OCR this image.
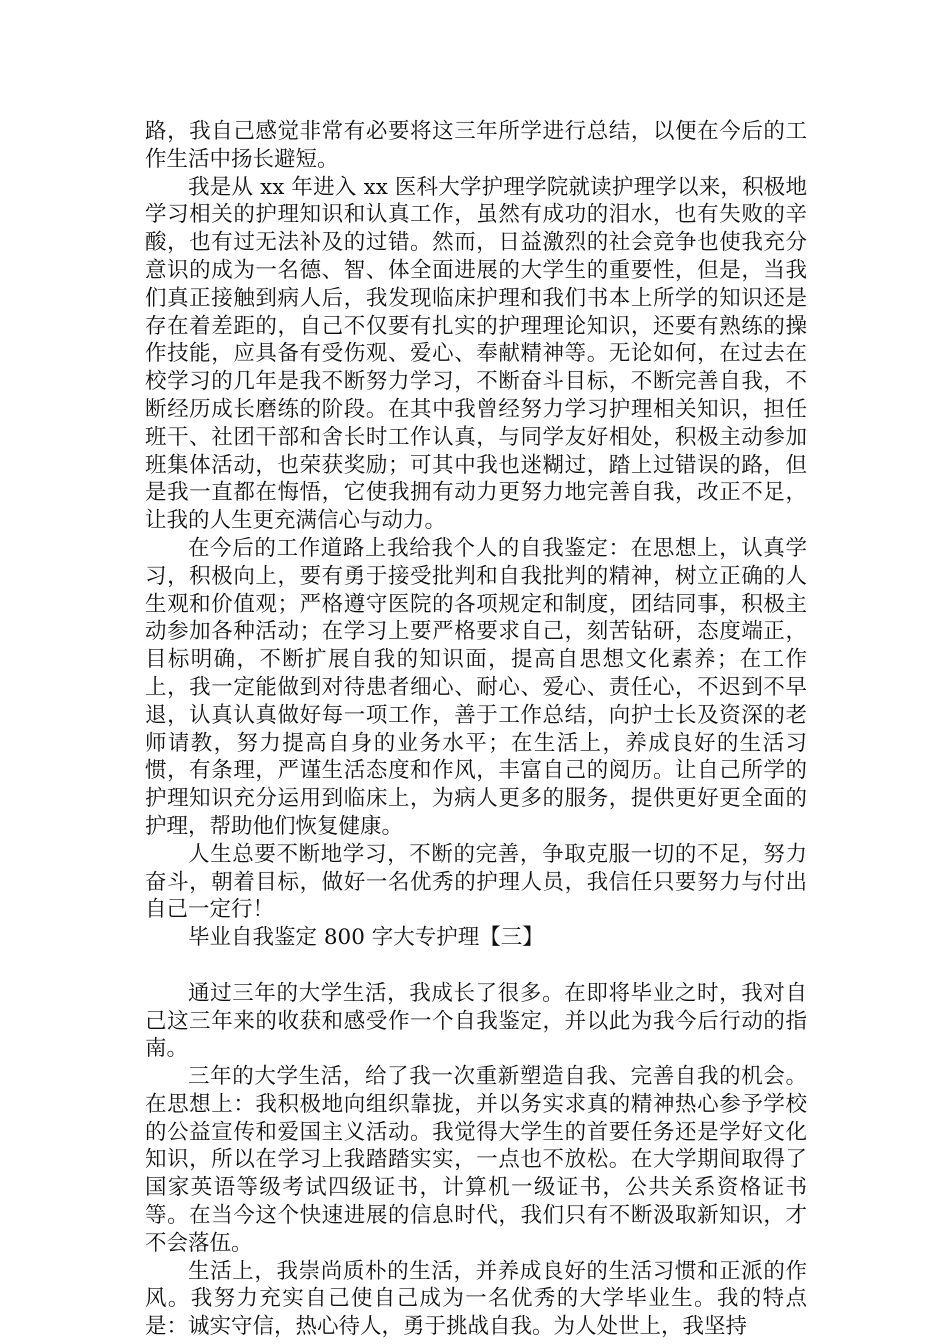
路，我自己感觉非常有必要将这三年所学进行总结，以便在今后的工作生活中扬长避短。

我是从 xx 年进入 xx 医科大学护理学院就读护理学以来，积极地学习相关的护理知识和认真工作，虽然有成功的泪水，也有失败的辛酸，也有过无法补及的过错。然而，日益激烈的社会竞争也使我充分意识的成为一名德、智、体全面进展的大学生的重要性，但是，当我们真正接触到病人后，我发现临床护理和我们书本上所学的知识还是存在着差距的，自己不仅要有扎实的护理理论知识，还要有熟练的操作技能，应具备有受伤观、爱心、奉献精神等。无论如何，在过去在校学习的几年是我不断努力学习，不断奋斗目标，不断完善自我，不断经历成长磨练的阶段。在其中我曾经努力学习护理相关知识，担任班干、社团干部和舍长时工作认真，与同学友好相处，积极主动参加班集体活动，也荣获奖励；可其中我也迷糊过，踏上过错误的路，但是我一直都在悔悟，它使我拥有动力更努力地完善自我，改正不足，让我的人生更充满信心与动力。

在今后的工作道路上我给我个人的自我鉴定：在思想上，认真学习，积极向上，要有勇于接受批判和自我批判的精神，树立正确的人生观和价值观；严格遵守医院的各项规定和制度，团结同事，积极主动参加各种活动；在学习上要严格要求自己，刻苦钻研，态度端正，目标明确，不断扩展自我的知识面，提高自思想文化素养；在工作上，我一定能做到对待患者细心、耐心、爱心、责任心，不迟到不早退，认真认真做好每一项工作，善于工作总结，向护士长及资深的老师请教，努力提高自身的业务水平；在生活上，养成良好的生活习惯，有条理，严谨生活态度和作风，丰富自己的阅历。让自己所学的护理知识充分运用到临床上，为病人更多的服务，提供更好更全面的护理，帮助他们恢复健康。

人生总要不断地学习，不断的完善，争取克服一切的不足，努力奋斗，朝着目标，做好一名优秀的护理人员，我信任只要努力与付出自己一定行！

毕业自我鉴定 800 字大专护理【三】

通过三年的大学生活，我成长了很多。在即将毕业之时，我对自己这三年来的收获和感受作一个自我鉴定，并以此为我今后行动的指南。

三年的大学生活，给了我一次重新塑造自我、完善自我的机会。在思想上：我积极地向组织靠拢，并以务实求真的精神热心参予学校的公益宣传和爱国主义活动。我觉得大学生的首要任务还是学好文化知识，所以在学习上我踏踏实实，一点也不放松。在大学期间取得了国家英语等级考试四级证书，计算机一级证书，公共关系资格证书等。在当今这个快速进展的信息时代，我们只有不断汲取新知识，才不会落伍。

生活上，我崇尚质朴的生活，并养成良好的生活习惯和正派的作风。我努力充实自己使自己成为一名优秀的大学毕业生。我的特点是：诚实守信，热心待人，勇于挑战自我。为人处世上，我坚持
